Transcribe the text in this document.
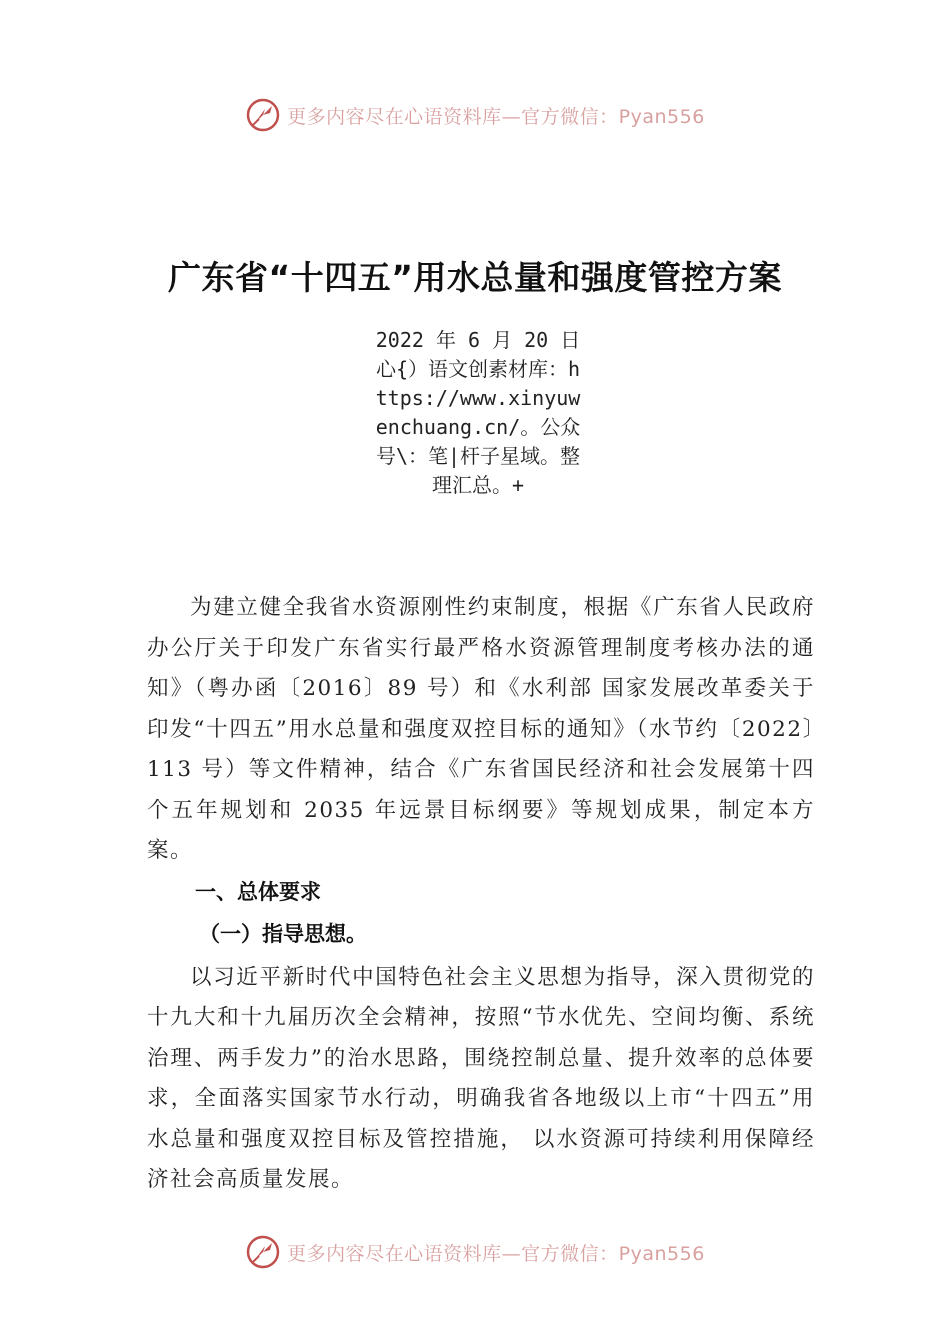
更多内容尽在心语资料库—官方微信：Pyan556
广东省“十四五”用水总量和强度管控方案
2022 年 6 月 20 日心{）语文创素材库：https://www.xinyuwenchuang.cn/。公众号\：笔|杆子星域。整理汇总。+

为建立健全我省水资源刚性约束制度，根据《广东省人民政府办公厅关于印发广东省实行最严格水资源管理制度考核办法的通知》（粤办函〔2016〕89 号）和《水利部 国家发展改革委关于印发“十四五”用水总量和强度双控目标的通知》（水节约〔2022〕113 号）等文件精神，结合《广东省国民经济和社会发展第十四个五年规划和 2035 年远景目标纲要》等规划成果，制定本方案。

一、总体要求

（一）指导思想。

以习近平新时代中国特色社会主义思想为指导，深入贯彻党的十九大和十九届历次全会精神，按照“节水优先、空间均衡、系统治理、两手发力”的治水思路，围绕控制总量、提升效率的总体要求，全面落实国家节水行动，明确我省各地级以上市“十四五”用水总量和强度双控目标及管控措施， 以水资源可持续利用保障经济社会高质量发展。

更多内容尽在心语资料库—官方微信：Pyan556
